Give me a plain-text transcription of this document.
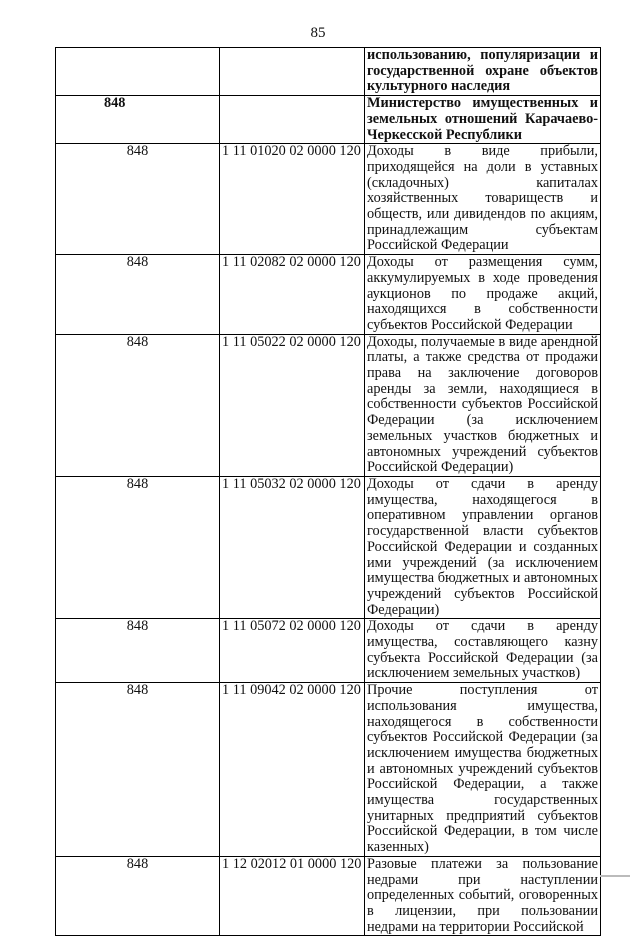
85
		использованию, популяризации и государственной охране объектов культурного наследия
848		Министерство имущественных и земельных отношений Карачаево-Черкесской Республики
848	1 11 01020 02 0000 120	Доходы в виде прибыли, приходящейся на доли в уставных (складочных) капиталах хозяйственных товариществ и обществ, или дивидендов по акциям, принадлежащим субъектам Российской Федерации
848	1 11 02082 02 0000 120	Доходы от размещения сумм, аккумулируемых в ходе проведения аукционов по продаже акций, находящихся в собственности субъектов Российской Федерации
848	1 11 05022 02 0000 120	Доходы, получаемые в виде арендной платы, а также средства от продажи права на заключение договоров аренды за земли, находящиеся в собственности субъектов Российской Федерации (за исключением земельных участков бюджетных и автономных учреждений субъектов Российской Федерации)
848	1 11 05032 02 0000 120	Доходы от сдачи в аренду имущества, находящегося в оперативном управлении органов государственной власти субъектов Российской Федерации и созданных ими учреждений (за исключением имущества бюджетных и автономных учреждений субъектов Российской Федерации)
848	1 11 05072 02 0000 120	Доходы от сдачи в аренду имущества, составляющего казну субъекта Российской Федерации (за исключением земельных участков)
848	1 11 09042 02 0000 120	Прочие поступления от использования имущества, находящегося в собственности субъектов Российской Федерации (за исключением имущества бюджетных и автономных учреждений субъектов Российской Федерации, а также имущества государственных унитарных предприятий субъектов Российской Федерации, в том числе казенных)
848	1 12 02012 01 0000 120	Разовые платежи за пользование недрами при наступлении определенных событий, оговоренных в лицензии, при пользовании недрами на территории Российской
